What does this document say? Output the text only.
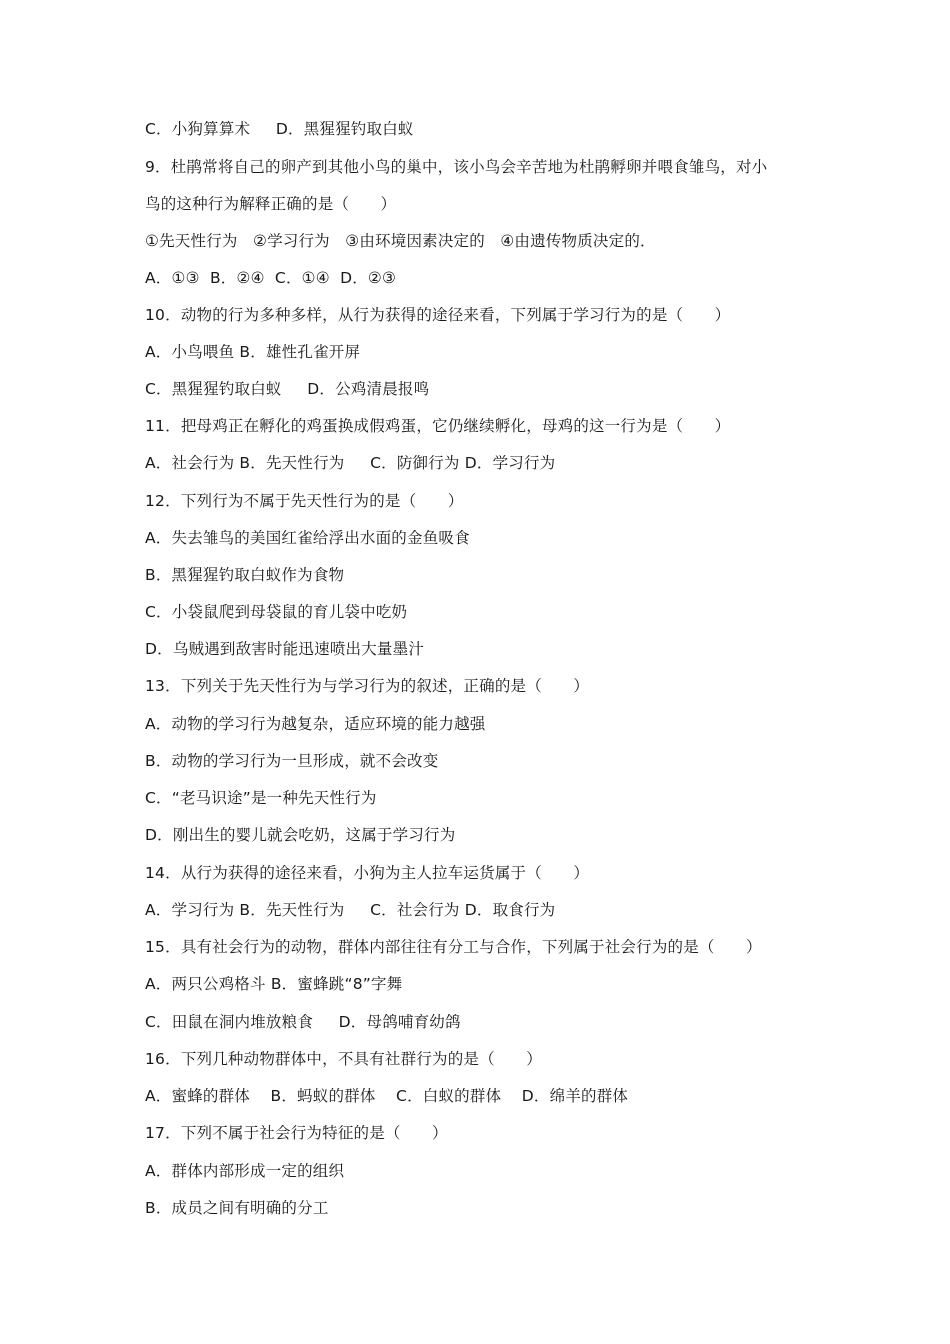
C．小狗算算术     D．黑猩猩钓取白蚁
9．杜鹃常将自己的卵产到其他小鸟的巢中，该小鸟会辛苦地为杜鹃孵卵并喂食雏鸟，对小
鸟的这种行为解释正确的是（　　）
①先天性行为   ②学习行为   ③由环境因素决定的   ④由遗传物质决定的．
A．①③  B．②④  C．①④  D．②③
10．动物的行为多种多样，从行为获得的途径来看，下列属于学习行为的是（　　）
A．小鸟喂鱼 B．雄性孔雀开屏
C．黑猩猩钓取白蚁     D．公鸡清晨报鸣
11．把母鸡正在孵化的鸡蛋换成假鸡蛋，它仍继续孵化，母鸡的这一行为是（　　）
A．社会行为 B．先天性行为     C．防御行为 D．学习行为
12．下列行为不属于先天性行为的是（　　）
A．失去雏鸟的美国红雀给浮出水面的金鱼吸食
B．黑猩猩钓取白蚁作为食物
C．小袋鼠爬到母袋鼠的育儿袋中吃奶
D．乌贼遇到敌害时能迅速喷出大量墨汁
13．下列关于先天性行为与学习行为的叙述，正确的是（　　）
A．动物的学习行为越复杂，适应环境的能力越强
B．动物的学习行为一旦形成，就不会改变
C．“老马识途”是一种先天性行为
D．刚出生的婴儿就会吃奶，这属于学习行为
14．从行为获得的途径来看，小狗为主人拉车运货属于（　　）
A．学习行为 B．先天性行为     C．社会行为 D．取食行为
15．具有社会行为的动物，群体内部往往有分工与合作，下列属于社会行为的是（　　）
A．两只公鸡格斗 B．蜜蜂跳“8”字舞
C．田鼠在洞内堆放粮食     D．母鸽哺育幼鸽
16．下列几种动物群体中，不具有社群行为的是（　　）
A．蜜蜂的群体    B．蚂蚁的群体    C．白蚁的群体    D．绵羊的群体
17．下列不属于社会行为特征的是（　　）
A．群体内部形成一定的组织
B．成员之间有明确的分工
